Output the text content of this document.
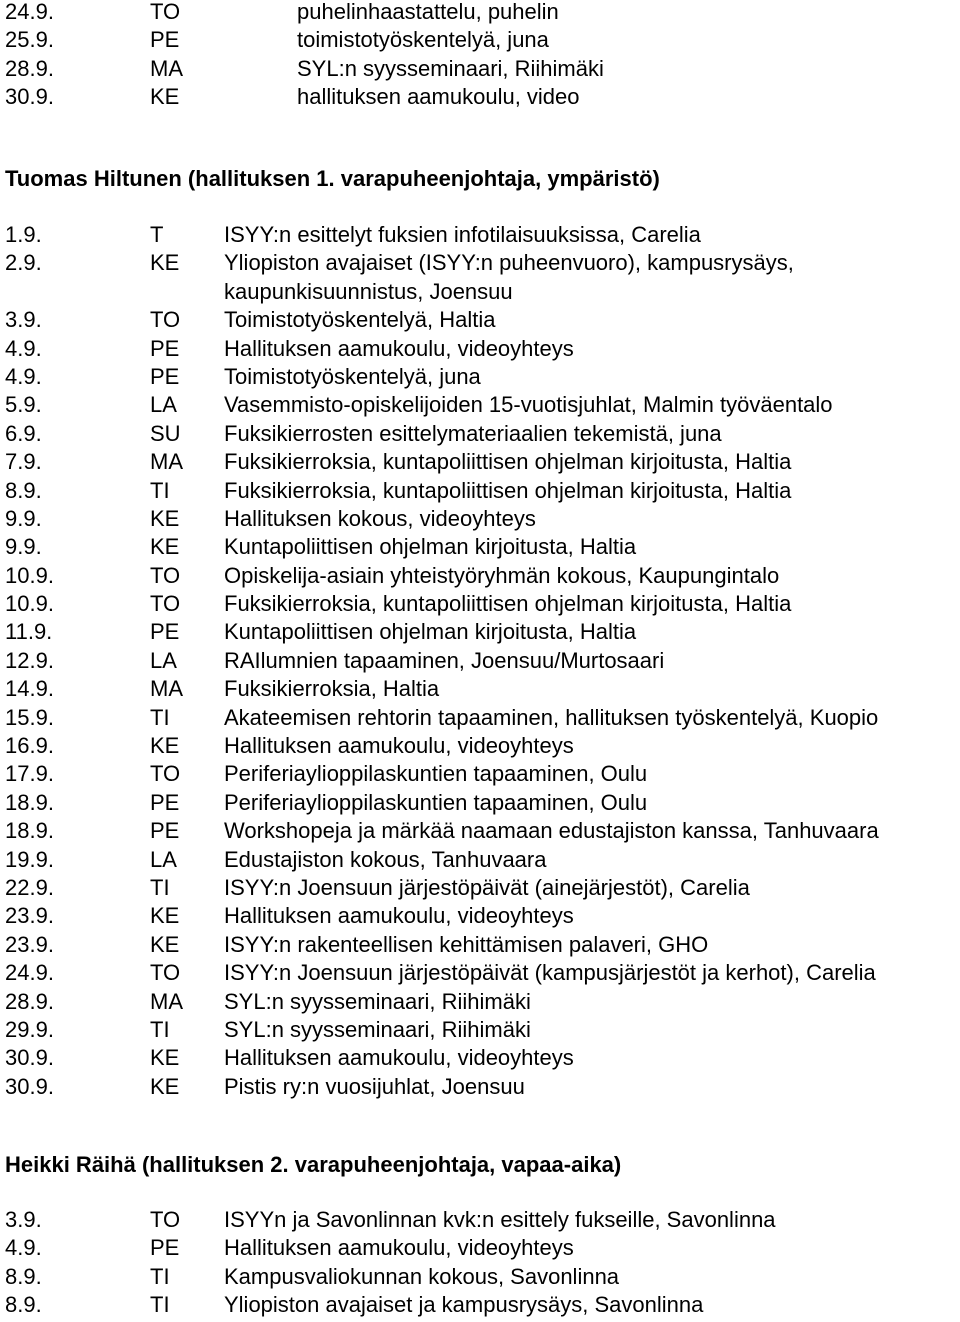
24.9.	TO	puhelinhaastattelu, puhelin
25.9.	PE	toimistotyöskentelyä, juna
28.9.	MA	SYL:n syysseminaari, Riihimäki
30.9.	KE	hallituksen aamukoulu, video
Tuomas Hiltunen (hallituksen 1. varapuheenjohtaja, ympäristö)
1.9.	T	ISYY:n esittelyt fuksien infotilaisuuksissa, Carelia
2.9.	KE Yliopiston avajaiset (ISYY:n puheenvuoro), kampusrysäys,
kaupunkisuunnistus, Joensuu
3.9.	TO Toimistotyöskentelyä, Haltia
4.9.	PE Hallituksen aamukoulu, videoyhteys
4.9.	PE Toimistotyöskentelyä, juna
5.9.	LA Vasemmisto-opiskelijoiden 15-vuotisjuhlat, Malmin työväentalo
6.9.	SU Fuksikierrosten esittelymateriaalien tekemistä, juna
7.9.	MA Fuksikierroksia, kuntapoliittisen ohjelman kirjoitusta, Haltia
8.9.	TI Fuksikierroksia, kuntapoliittisen ohjelman kirjoitusta, Haltia
9.9.	KE Hallituksen kokous, videoyhteys
9.9.	KE Kuntapoliittisen ohjelman kirjoitusta, Haltia
10.9.	TO Opiskelija-asiain yhteistyöryhmän kokous, Kaupungintalo
10.9.	TO Fuksikierroksia, kuntapoliittisen ohjelman kirjoitusta, Haltia
11.9.	PE Kuntapoliittisen ohjelman kirjoitusta, Haltia
12.9.	LA RAIlumnien tapaaminen, Joensuu/Murtosaari
14.9.	MA Fuksikierroksia, Haltia
15.9.	TI Akateemisen rehtorin tapaaminen, hallituksen työskentelyä, Kuopio
16.9.	KE Hallituksen aamukoulu, videoyhteys
17.9.	TO Periferiaylioppilaskuntien tapaaminen, Oulu
18.9.	PE Periferiaylioppilaskuntien tapaaminen, Oulu
18.9.	PE Workshopeja ja märkää naamaan edustajiston kanssa, Tanhuvaara
19.9.	LA Edustajiston kokous, Tanhuvaara
22.9.	TI ISYY:n Joensuun järjestöpäivät (ainejärjestöt), Carelia
23.9.	KE Hallituksen aamukoulu, videoyhteys
23.9.	KE ISYY:n rakenteellisen kehittämisen palaveri, GHO
24.9.	TO ISYY:n Joensuun järjestöpäivät (kampusjärjestöt ja kerhot), Carelia
28.9.	MA SYL:n syysseminaari, Riihimäki
29.9.	TI SYL:n syysseminaari, Riihimäki
30.9.	KE Hallituksen aamukoulu, videoyhteys
30.9.	KE Pistis ry:n vuosijuhlat, Joensuu
Heikki Räihä (hallituksen 2. varapuheenjohtaja, vapaa-aika)
3.9.	TO ISYYn ja Savonlinnan kvk:n esittely fukseille, Savonlinna
4.9.	PE Hallituksen aamukoulu, videoyhteys
8.9.	TI Kampusvaliokunnan kokous, Savonlinna
8.9.	TI Yliopiston avajaiset ja kampusrysäys, Savonlinna
